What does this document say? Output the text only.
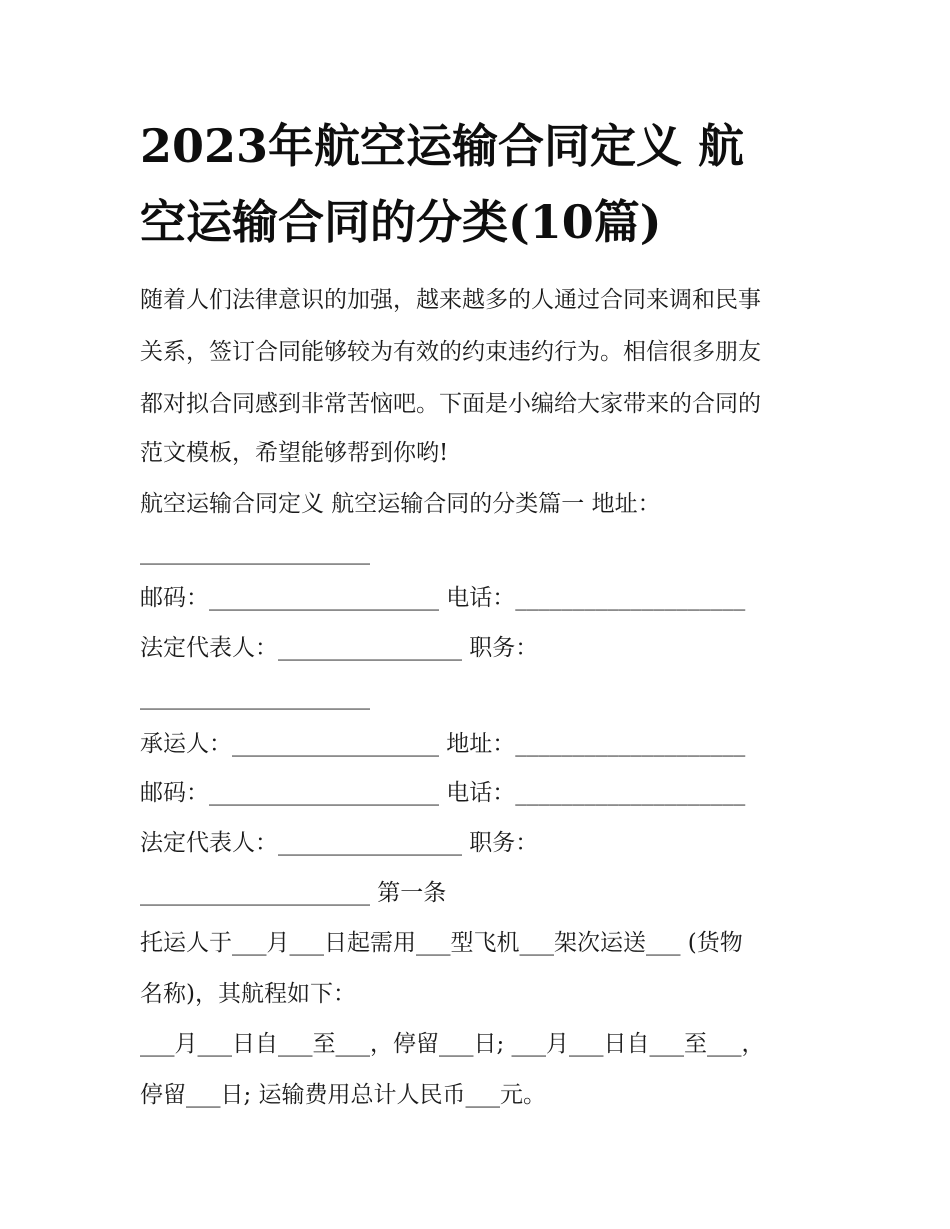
2023年航空运输合同定义 航
空运输合同的分类(10篇)
随着人们法律意识的加强，越来越多的人通过合同来调和民事
关系，签订合同能够较为有效的约束违约行为。相信很多朋友
都对拟合同感到非常苦恼吧。下面是小编给大家带来的合同的
范文模板，希望能够帮到你哟!
航空运输合同定义 航空运输合同的分类篇一 地址：
____________________
邮码：____________________ 电话：____________________
法定代表人：________________ 职务：
____________________
承运人：__________________ 地址：____________________
邮码：____________________ 电话：____________________
法定代表人：________________ 职务：
____________________ 第一条
托运人于___月___日起需用___型飞机___架次运送___ (货物
名称)，其航程如下：
___月___日自___至___，停留___日; ___月___日自___至___，
停留___日; 运输费用总计人民币___元。
